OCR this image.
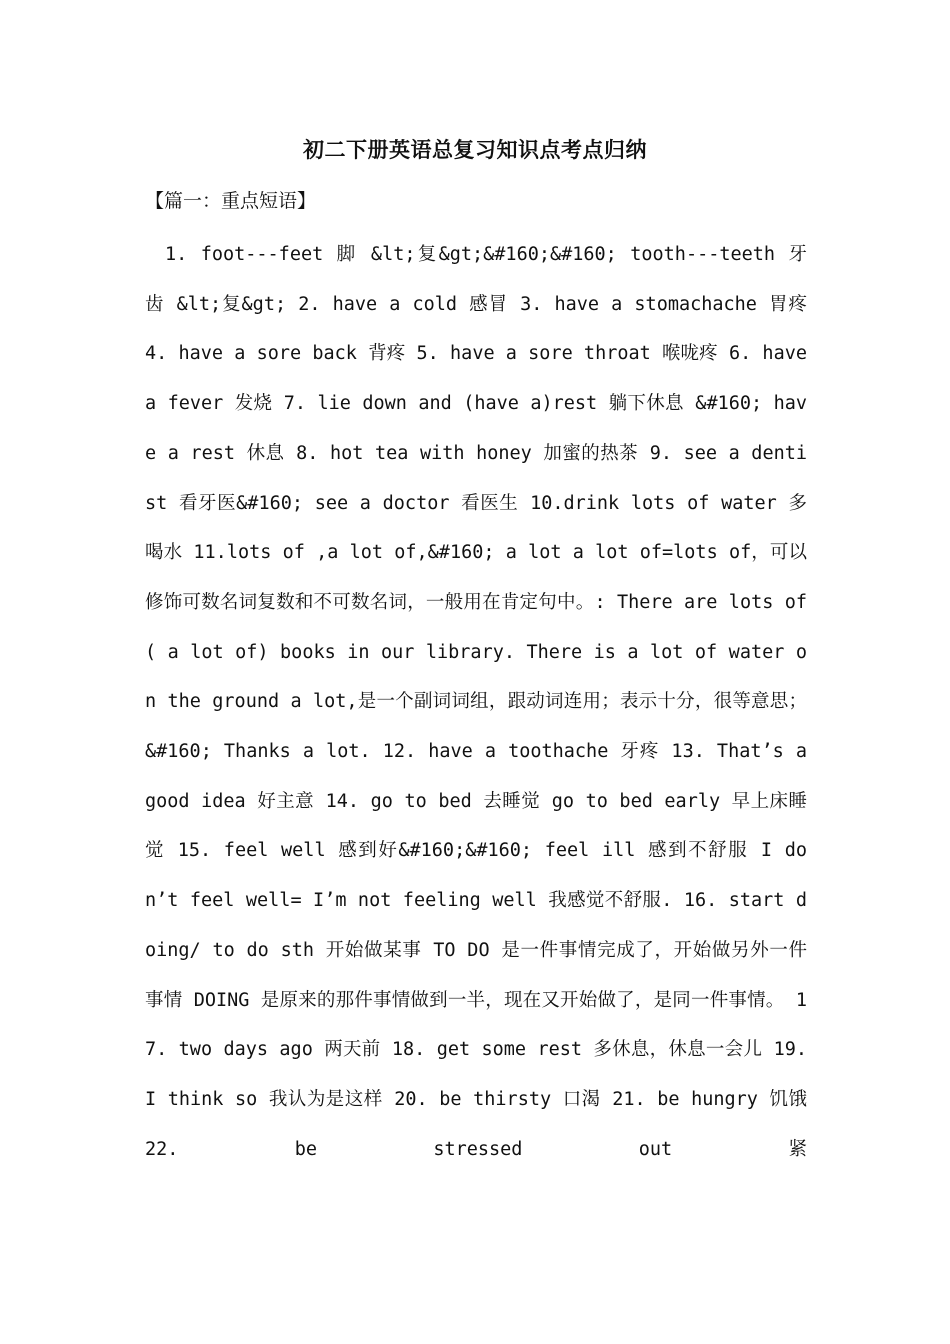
初二下册英语总复习知识点考点归纳
【篇一：重点短语】
1. foot---feet 脚 &lt;复&gt;&#160;&#160; tooth---teeth 牙齿 &lt;复&gt; 2. have a cold 感冒 3. have a stomachache 胃疼 4. have a sore back 背疼 5. have a sore throat 喉咙疼 6. have a fever 发烧 7. lie down and (have a)rest 躺下休息 &#160; have a rest 休息 8. hot tea with honey 加蜜的热茶 9. see a dentist 看牙医&#160; see a doctor 看医生 10.drink lots of water 多喝水 11.lots of ,a lot of,&#160; a lot a lot of=lots of，可以修饰可数名词复数和不可数名词，一般用在肯定句中。: There are lots of ( a lot of) books in our library. There is a lot of water on the ground a lot,是一个副词词组，跟动词连用；表示十分，很等意思；&#160; Thanks a lot. 12. have a toothache 牙疼 13. That’s a good idea 好主意 14. go to bed 去睡觉 go to bed early 早上床睡觉 15. feel well 感到好&#160;&#160; feel ill 感到不舒服 I don’t feel well= I’m not feeling well 我感觉不舒服. 16. start doing/ to do sth 开始做某事 TO DO 是一件事情完成了，开始做另外一件事情 DOING 是原来的那件事情做到一半，现在又开始做了，是同一件事情。 17. two days ago 两天前 18. get some rest 多休息，休息一会儿 19. I think so 我认为是这样 20. be thirsty 口渴 21. be hungry 饥饿 22. be stressed out 紧
